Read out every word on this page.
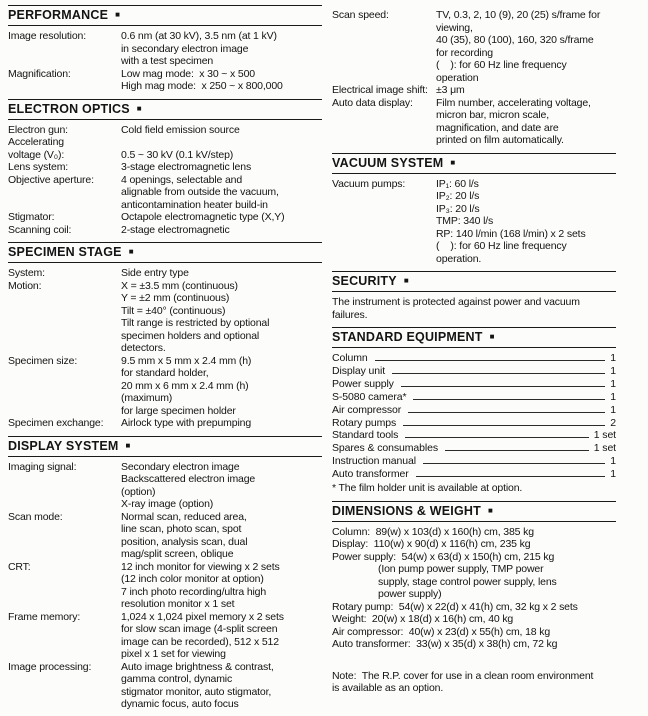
PERFORMANCE ■
Image resolution:	0.6 nm (at 30 kV), 3.5 nm (at 1 kV)
in secondary electron image
with a test specimen
Magnification:	Low mag mode:  x 30 ~ x 500
High mag mode:  x 250 ~ x 800,000
ELECTRON OPTICS ■
Electron gun:	Cold field emission source
Accelerating
voltage (V₀):
	0.5 ~ 30 kV (0.1 kV/step)
Lens system:	3-stage electromagnetic lens
Objective aperture:	4 openings, selectable and
alignable from outside the vacuum,
anticontamination heater build-in
Stigmator:	Octapole electromagnetic type (X,Y)
Scanning coil:	2-stage electromagnetic
SPECIMEN STAGE ■
System:	Side entry type
Motion:	X = ±3.5 mm (continuous)
Y = ±2 mm (continuous)
Tilt = ±40° (continuous)
Tilt range is restricted by optional
specimen holders and optional
detectors.
Specimen size:	9.5 mm x 5 mm x 2.4 mm (h)
for standard holder,
20 mm x 6 mm x 2.4 mm (h)
(maximum)
for large specimen holder
Specimen exchange:	Airlock type with prepumping
DISPLAY SYSTEM ■
Imaging signal:	Secondary electron image
Backscattered electron image
(option)
X-ray image (option)
Scan mode:	Normal scan, reduced area,
line scan, photo scan, spot
position, analysis scan, dual
mag/split screen, oblique
CRT:	12 inch monitor for viewing x 2 sets
(12 inch color monitor at option)
7 inch photo recording/ultra high
resolution monitor x 1 set
Frame memory:	1,024 x 1,024 pixel memory x 2 sets
for slow scan image (4-split screen
image can be recorded), 512 x 512
pixel x 1 set for viewing
Image processing:	Auto image brightness & contrast,
gamma control, dynamic
stigmator monitor, auto stigmator,
dynamic focus, auto focus
Scan speed:	TV, 0.3, 2, 10 (9), 20 (25) s/frame for
viewing,
40 (35), 80 (100), 160, 320 s/frame
for recording
(    ): for 60 Hz line frequency
operation
Electrical image shift: ±3 μm
Auto data display:	Film number, accelerating voltage,
micron bar, micron scale,
magnification, and date are
printed on film automatically.
VACUUM SYSTEM ■
Vacuum pumps:	IP₁: 60 l/s
IP₂: 20 l/s
IP₃: 20 l/s
TMP: 340 l/s
RP: 140 l/min (168 l/min) x 2 sets
(    ): for 60 Hz line frequency
operation.
SECURITY ■
The instrument is protected against power and vacuum
failures.
STANDARD EQUIPMENT ■
Column	1
Display unit	1
Power supply	1
S-5080 camera*	1
Air compressor	1
Rotary pumps	2
Standard tools	1 set
Spares & consumables	1 set
Instruction manual	1
Auto transformer	1
* The film holder unit is available at option.
DIMENSIONS & WEIGHT ■
Column:  89(w) x 103(d) x 160(h) cm, 385 kg
Display:  110(w) x 90(d) x 116(h) cm, 235 kg
Power supply:  54(w) x 63(d) x 150(h) cm, 215 kg
(Ion pump power supply, TMP power
supply, stage control power supply, lens
power supply)
Rotary pump:  54(w) x 22(d) x 41(h) cm, 32 kg x 2 sets
Weight:  20(w) x 18(d) x 16(h) cm, 40 kg
Air compressor:  40(w) x 23(d) x 55(h) cm, 18 kg
Auto transformer:  33(w) x 35(d) x 38(h) cm, 72 kg
Note:  The R.P. cover for use in a clean room environment
is available as an option.
